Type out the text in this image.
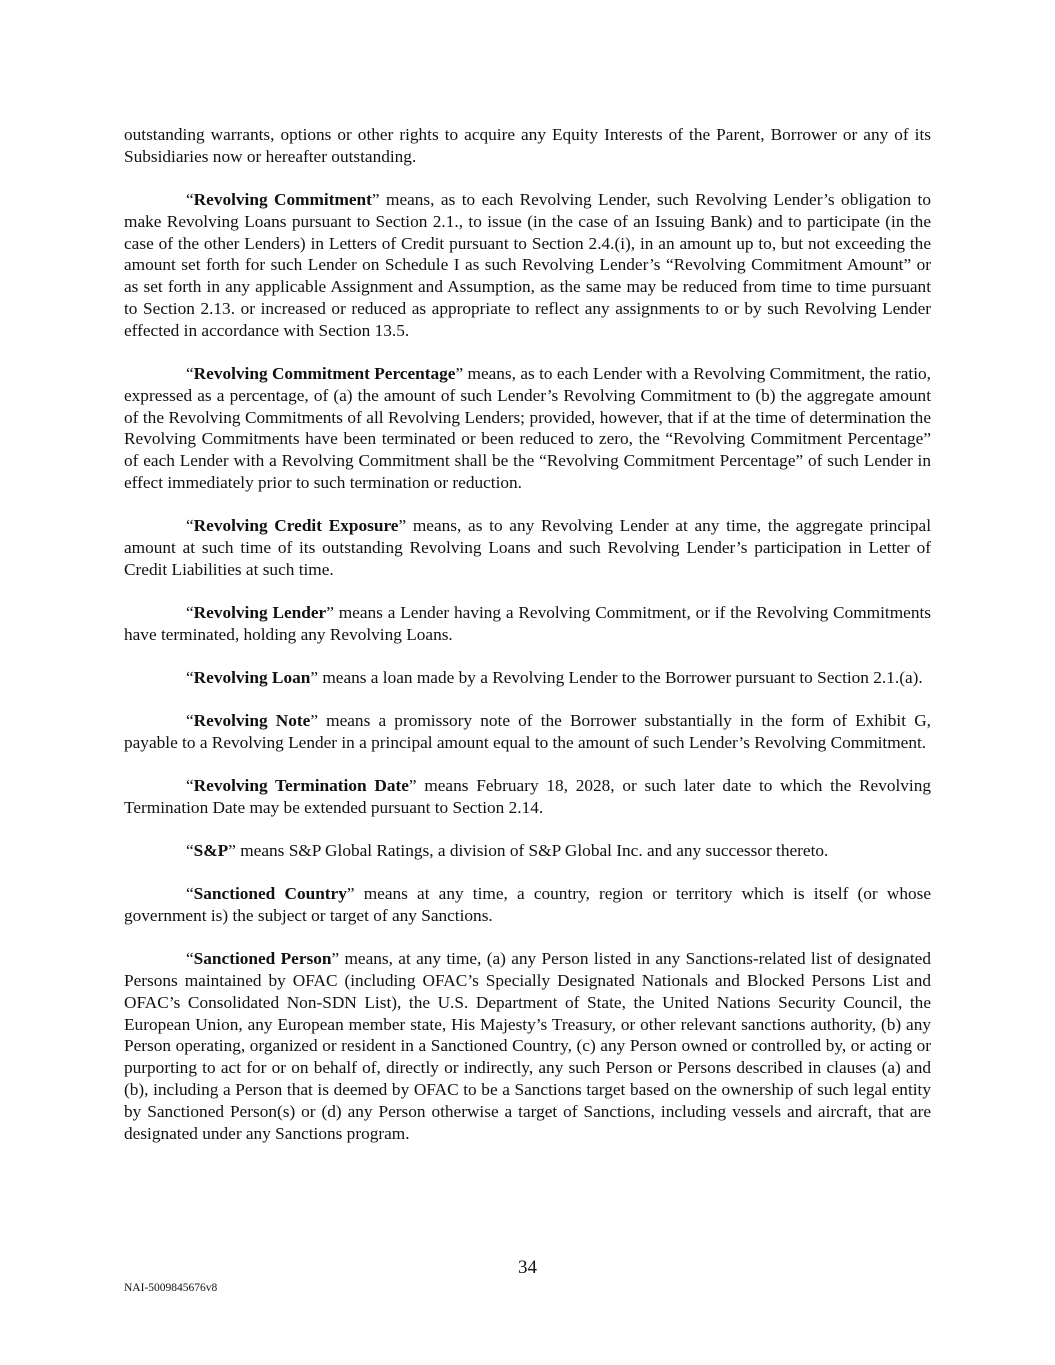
outstanding warrants, options or other rights to acquire any Equity Interests of the Parent, Borrower or any of its Subsidiaries now or hereafter outstanding.

“Revolving Commitment” means, as to each Revolving Lender, such Revolving Lender’s obligation to make Revolving Loans pursuant to Section 2.1., to issue (in the case of an Issuing Bank) and to participate (in the case of the other Lenders) in Letters of Credit pursuant to Section 2.4.(i), in an amount up to, but not exceeding the amount set forth for such Lender on Schedule I as such Revolving Lender’s “Revolving Commitment Amount” or as set forth in any applicable Assignment and Assumption, as the same may be reduced from time to time pursuant to Section 2.13. or increased or reduced as appropriate to reflect any assignments to or by such Revolving Lender effected in accordance with Section 13.5.

“Revolving Commitment Percentage” means, as to each Lender with a Revolving Commitment, the ratio, expressed as a percentage, of (a) the amount of such Lender’s Revolving Commitment to (b) the aggregate amount of the Revolving Commitments of all Revolving Lenders; provided, however, that if at the time of determination the Revolving Commitments have been terminated or been reduced to zero, the “Revolving Commitment Percentage” of each Lender with a Revolving Commitment shall be the “Revolving Commitment Percentage” of such Lender in effect immediately prior to such termination or reduction.

“Revolving Credit Exposure” means, as to any Revolving Lender at any time, the aggregate principal amount at such time of its outstanding Revolving Loans and such Revolving Lender’s participation in Letter of Credit Liabilities at such time.

“Revolving Lender” means a Lender having a Revolving Commitment, or if the Revolving Commitments have terminated, holding any Revolving Loans.

“Revolving Loan” means a loan made by a Revolving Lender to the Borrower pursuant to Section 2.1.(a).

“Revolving Note” means a promissory note of the Borrower substantially in the form of Exhibit G, payable to a Revolving Lender in a principal amount equal to the amount of such Lender’s Revolving Commitment.

“Revolving Termination Date” means February 18, 2028, or such later date to which the Revolving Termination Date may be extended pursuant to Section 2.14.

“S&P” means S&P Global Ratings, a division of S&P Global Inc. and any successor thereto.

“Sanctioned Country” means at any time, a country, region or territory which is itself (or whose government is) the subject or target of any Sanctions.

“Sanctioned Person” means, at any time, (a) any Person listed in any Sanctions-related list of designated Persons maintained by OFAC (including OFAC’s Specially Designated Nationals and Blocked Persons List and OFAC’s Consolidated Non-SDN List), the U.S. Department of State, the United Nations Security Council, the European Union, any European member state, His Majesty’s Treasury, or other relevant sanctions authority, (b) any Person operating, organized or resident in a Sanctioned Country, (c) any Person owned or controlled by, or acting or purporting to act for or on behalf of, directly or indirectly, any such Person or Persons described in clauses (a) and (b), including a Person that is deemed by OFAC to be a Sanctions target based on the ownership of such legal entity by Sanctioned Person(s) or (d) any Person otherwise a target of Sanctions, including vessels and aircraft, that are designated under any Sanctions program.

34
NAI-5009845676v8
